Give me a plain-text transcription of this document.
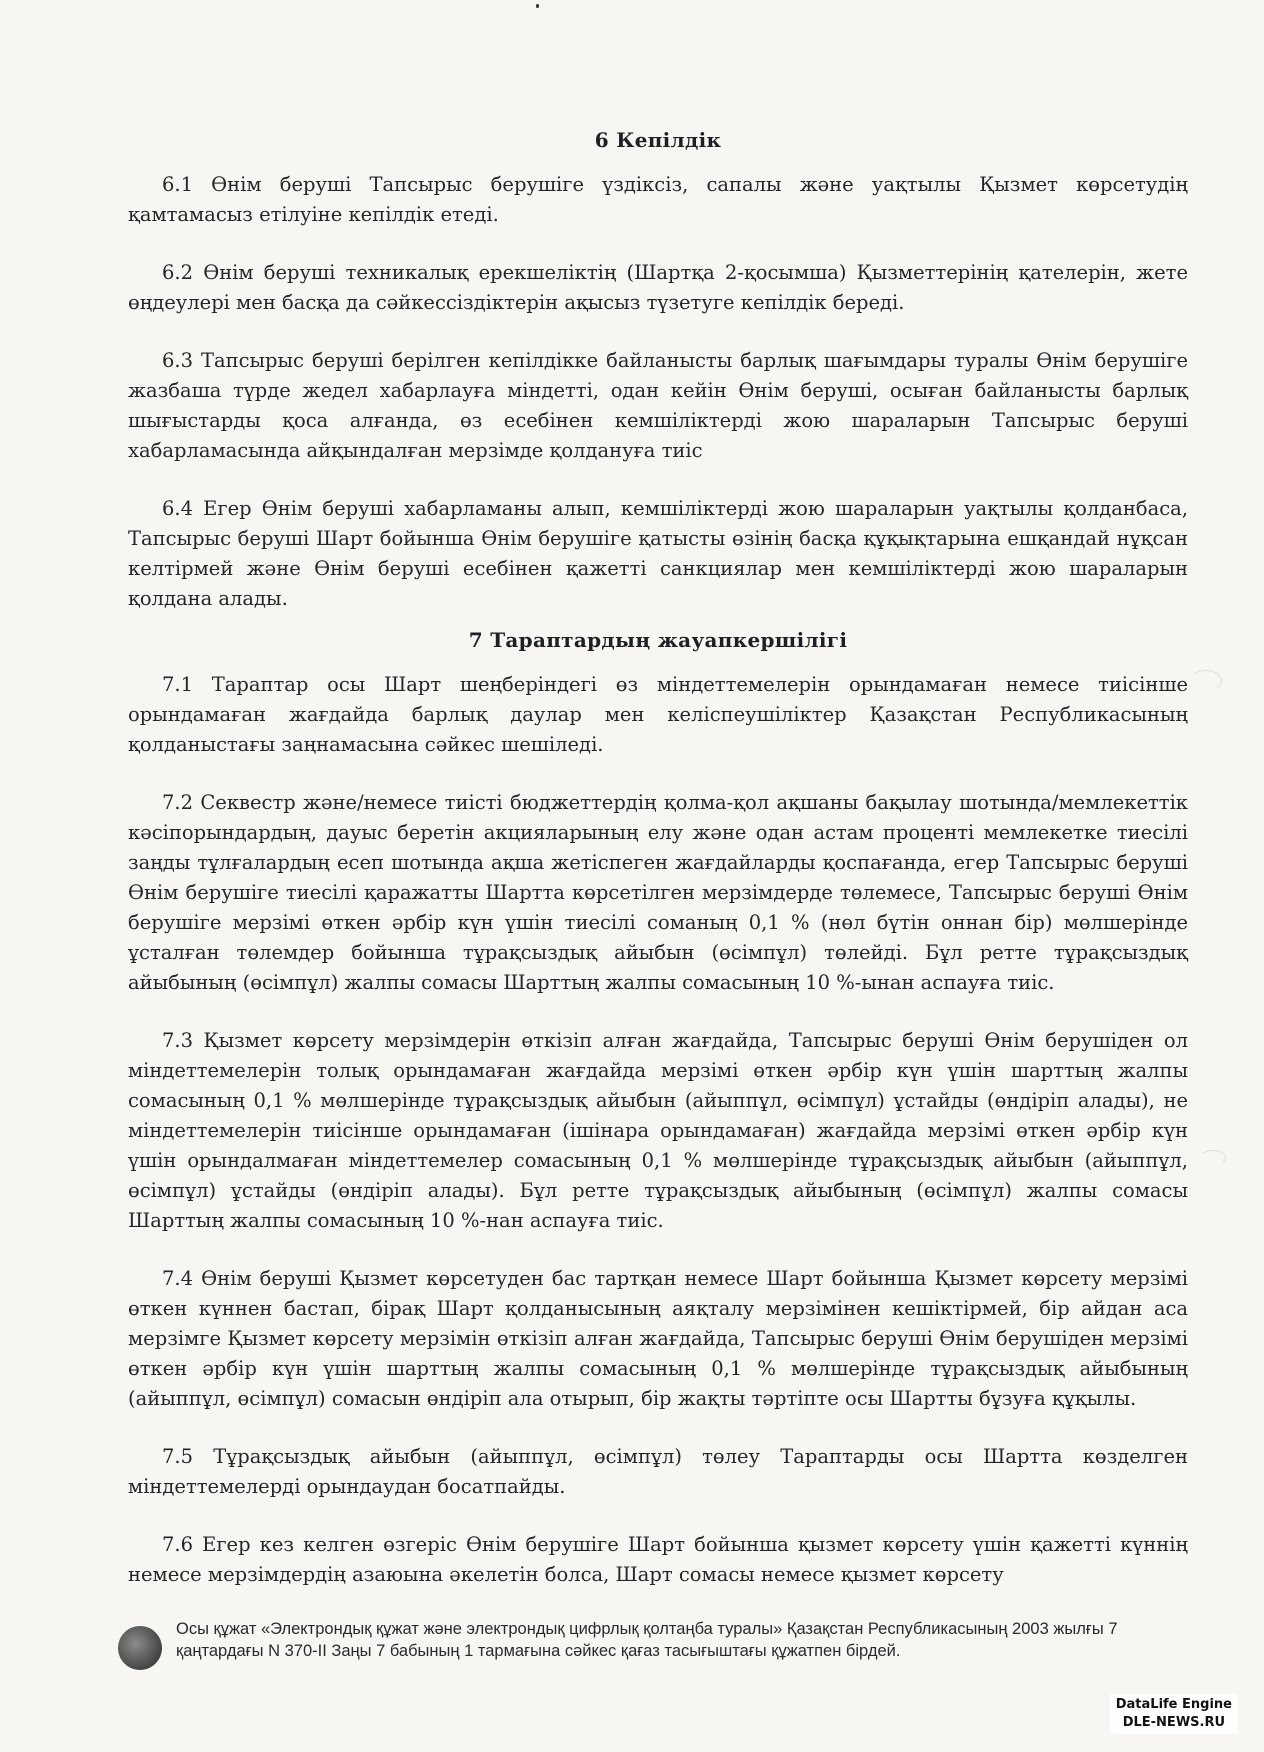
6 Кепілдік

6.1 Өнім беруші Тапсырыс берушіге үздіксіз, сапалы және уақтылы Қызмет көрсетудің қамтамасыз етілуіне кепілдік етеді.

6.2 Өнім беруші техникалық ерекшеліктің (Шартқа 2-қосымша) Қызметтерінің қателерін, жете өңдеулері мен басқа да сәйкессіздіктерін ақысыз түзетуге кепілдік береді.

6.3 Тапсырыс беруші берілген кепілдікке байланысты барлық шағымдары туралы Өнім берушіге жазбаша түрде жедел хабарлауға міндетті, одан кейін Өнім беруші, осыған байланысты барлық шығыстарды қоса алғанда, өз есебінен кемшіліктерді жою шараларын Тапсырыс беруші хабарламасында айқындалған мерзімде қолдануға тиіс

6.4 Егер Өнім беруші хабарламаны алып, кемшіліктерді жою шараларын уақтылы қолданбаса, Тапсырыс беруші Шарт бойынша Өнім берушіге қатысты өзінің басқа құқықтарына ешқандай нұқсан келтірмей және Өнім беруші есебінен қажетті санкциялар мен кемшіліктерді жою шараларын қолдана алады.

7 Тараптардың жауапкершілігі

7.1 Тараптар осы Шарт шеңберіндегі өз міндеттемелерін орындамаған немесе тиісінше орындамаған жағдайда барлық даулар мен келіспеушіліктер Қазақстан Республикасының қолданыстағы заңнамасына сәйкес шешіледі.

7.2 Секвестр және/немесе тиісті бюджеттердің қолма-қол ақшаны бақылау шотында/мемлекеттік кәсіпорындардың, дауыс беретін акцияларының елу және одан астам проценті мемлекетке тиесілі заңды тұлғалардың есеп шотында ақша жетіспеген жағдайларды қоспағанда, егер Тапсырыс беруші Өнім берушіге тиесілі қаражатты Шартта көрсетілген мерзімдерде төлемесе, Тапсырыс беруші Өнім берушіге мерзімі өткен әрбір күн үшін тиесілі соманың 0,1 % (нөл бүтін оннан бір) мөлшерінде ұсталған төлемдер бойынша тұрақсыздық айыбын (өсімпұл) төлейді. Бұл ретте тұрақсыздық айыбының (өсімпұл) жалпы сомасы Шарттың жалпы сомасының 10 %-ынан аспауға тиіс.

7.3 Қызмет көрсету мерзімдерін өткізіп алған жағдайда, Тапсырыс беруші Өнім берушіден ол міндеттемелерін толық орындамаған жағдайда мерзімі өткен әрбір күн үшін шарттың жалпы сомасының 0,1 % мөлшерінде тұрақсыздық айыбын (айыппұл, өсімпұл) ұстайды (өндіріп алады), не міндеттемелерін тиісінше орындамаған (ішінара орындамаған) жағдайда мерзімі өткен әрбір күн үшін орындалмаған міндеттемелер сомасының 0,1 % мөлшерінде тұрақсыздық айыбын (айыппұл, өсімпұл) ұстайды (өндіріп алады). Бұл ретте тұрақсыздық айыбының (өсімпұл) жалпы сомасы Шарттың жалпы сомасының 10 %-нан аспауға тиіс.

7.4 Өнім беруші Қызмет көрсетуден бас тартқан немесе Шарт бойынша Қызмет көрсету мерзімі өткен күннен бастап, бірақ Шарт қолданысының аяқталу мерзімінен кешіктірмей, бір айдан аса мерзімге Қызмет көрсету мерзімін өткізіп алған жағдайда, Тапсырыс беруші Өнім берушіден мерзімі өткен әрбір күн үшін шарттың жалпы сомасының 0,1 % мөлшерінде тұрақсыздық айыбының (айыппұл, өсімпұл) сомасын өндіріп ала отырып, бір жақты тәртіпте осы Шартты бұзуға құқылы.

7.5 Тұрақсыздық айыбын (айыппұл, өсімпұл) төлеу Тараптарды осы Шартта көзделген міндеттемелерді орындаудан босатпайды.

7.6 Егер кез келген өзгеріс Өнім берушіге Шарт бойынша қызмет көрсету үшін қажетті күннің немесе мерзімдердің азаюына әкелетін болса, Шарт сомасы немесе қызмет көрсету

Осы құжат «Электрондық құжат және электрондық цифрлық қолтаңба туралы» Қазақстан Республикасының 2003 жылғы 7 қаңтардағы N 370-II Заңы 7 бабының 1 тармағына сәйкес қағаз тасығыштағы құжатпен бірдей.
DataLife Engine
DLE-NEWS.RU
